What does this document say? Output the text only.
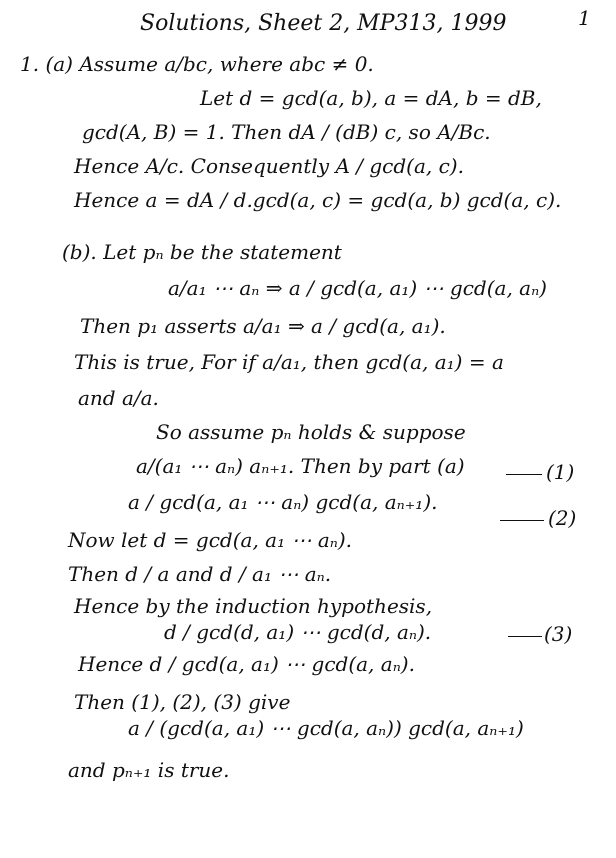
Solutions, Sheet 2, MP313, 1999	1
1. (a) Assume a/bc, where abc ≠ 0.
Let d = gcd(a, b), a = dA, b = dB,
gcd(A, B) = 1. Then dA / (dB) c, so A/Bc.
Hence A/c. Consequently A / gcd(a, c).
Hence a = dA / d.gcd(a, c) = gcd(a, b) gcd(a, c).
(b). Let pₙ be the statement
a/a₁ ⋯ aₙ ⇒ a / gcd(a, a₁) ⋯ gcd(a, aₙ)
Then p₁ asserts a/a₁ ⇒ a / gcd(a, a₁).
This is true, For if a/a₁, then gcd(a, a₁) = a
and a/a.
So assume pₙ holds & suppose
a/(a₁ ⋯ aₙ) aₙ₊₁. Then by part (a)
a / gcd(a, a₁ ⋯ aₙ) gcd(a, aₙ₊₁).
Now let d = gcd(a, a₁ ⋯ aₙ).
Then d / a and d / a₁ ⋯ aₙ.
Hence by the induction hypothesis,
d / gcd(d, a₁) ⋯ gcd(d, aₙ).
Hence d / gcd(a, a₁) ⋯ gcd(a, aₙ).
Then (1), (2), (3) give
a / (gcd(a, a₁) ⋯ gcd(a, aₙ)) gcd(a, aₙ₊₁)
and pₙ₊₁ is true.
(1)
(2)
(3)
